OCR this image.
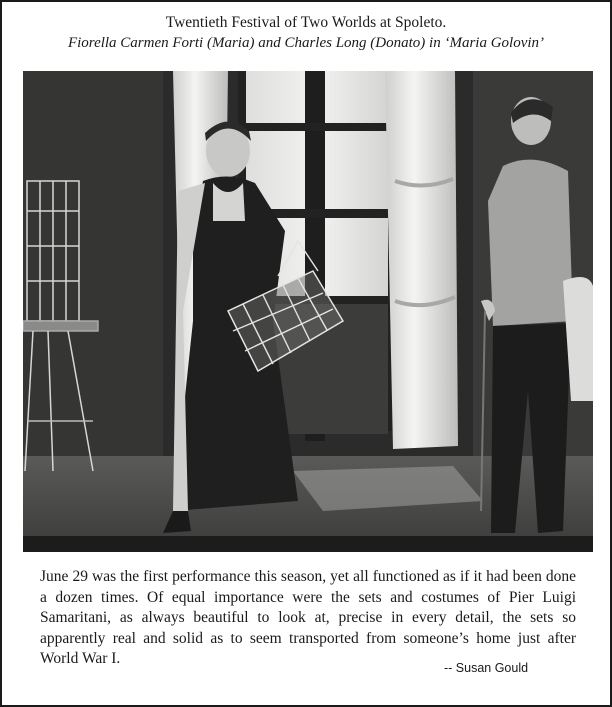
Twentieth Festival of Two Worlds at Spoleto.
Fiorella Carmen Forti (Maria) and Charles Long (Donato) in ‘Maria Golovin’

June 29 was the first performance this season, yet all functioned as if it had been done a dozen times. Of equal importance were the sets and costumes of Pier Luigi Samaritani, as always beautiful to look at, precise in every detail, the sets so apparently real and solid as to seem transported from someone’s home just after World War I.

-- Susan Gould
